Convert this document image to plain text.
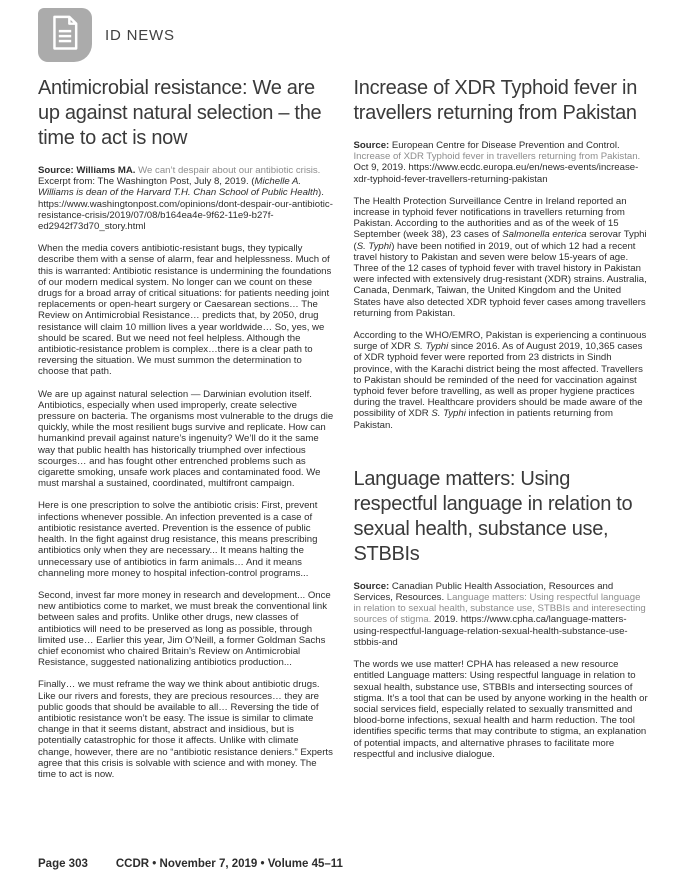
ID NEWS
Antimicrobial resistance: We are up against natural selection – the time to act is now

Source: Williams MA. We can’t despair about our antibiotic crisis. Excerpt from: The Washington Post, July 8, 2019. (Michelle A. Williams is dean of the Harvard T.H. Chan School of Public Health). https://www.washingtonpost.com/opinions/dont-despair-our-antibiotic-resistance-crisis/2019/07/08/b164ea4e-9f62-11e9-b27f-ed2942f73d70_story.html

When the media covers antibiotic-resistant bugs, they typically describe them with a sense of alarm, fear and helplessness. Much of this is warranted: Antibiotic resistance is undermining the foundations of our modern medical system. No longer can we count on these drugs for a broad array of critical situations: for patients needing joint replacements or open-heart surgery or Caesarean sections… The Review on Antimicrobial Resistance… predicts that, by 2050, drug resistance will claim 10 million lives a year worldwide… So, yes, we should be scared. But we need not feel helpless. Although the antibiotic-resistance problem is complex…there is a clear path to reversing the situation. We must summon the determination to choose that path.

We are up against natural selection — Darwinian evolution itself. Antibiotics, especially when used improperly, create selective pressure on bacteria. The organisms most vulnerable to the drugs die quickly, while the most resilient bugs survive and replicate. How can humankind prevail against nature’s ingenuity? We’ll do it the same way that public health has historically triumphed over infectious scourges… and has fought other entrenched problems such as cigarette smoking, unsafe work places and contaminated food. We must marshal a sustained, coordinated, multifront campaign.

Here is one prescription to solve the antibiotic crisis: First, prevent infections whenever possible. An infection prevented is a case of antibiotic resistance averted. Prevention is the essence of public health. In the fight against drug resistance, this means prescribing antibiotics only when they are necessary... It means halting the unnecessary use of antibiotics in farm animals… And it means channeling more money to hospital infection-control programs...

Second, invest far more money in research and development... Once new antibiotics come to market, we must break the conventional link between sales and profits. Unlike other drugs, new classes of antibiotics will need to be preserved as long as possible, through limited use… Earlier this year, Jim O’Neill, a former Goldman Sachs chief economist who chaired Britain’s Review on Antimicrobial Resistance, suggested nationalizing antibiotics production...

Finally… we must reframe the way we think about antibiotic drugs. Like our rivers and forests, they are precious resources… they are public goods that should be available to all… Reversing the tide of antibiotic resistance won’t be easy. The issue is similar to climate change in that it seems distant, abstract and insidious, but is potentially catastrophic for those it affects. Unlike with climate change, however, there are no “antibiotic resistance deniers.” Experts agree that this crisis is solvable with science and with money. The time to act is now.

Increase of XDR Typhoid fever in travellers returning from Pakistan

Source: European Centre for Disease Prevention and Control. Increase of XDR Typhoid fever in travellers returning from Pakistan. Oct 9, 2019. https://www.ecdc.europa.eu/en/news-events/increase-xdr-typhoid-fever-travellers-returning-pakistan

The Health Protection Surveillance Centre in Ireland reported an increase in typhoid fever notifications in travellers returning from Pakistan. According to the authorities and as of the week of 15 September (week 38), 23 cases of Salmonella enterica serovar Typhi (S. Typhi) have been notified in 2019, out of which 12 had a recent travel history to Pakistan and seven were below 15-years of age. Three of the 12 cases of typhoid fever with travel history in Pakistan were infected with extensively drug-resistant (XDR) strains. Australia, Canada, Denmark, Taiwan, the United Kingdom and the United States have also detected XDR typhoid fever cases among travellers returning from Pakistan.

According to the WHO/EMRO, Pakistan is experiencing a continuous surge of XDR S. Typhi since 2016. As of August 2019, 10,365 cases of XDR typhoid fever were reported from 23 districts in Sindh province, with the Karachi district being the most affected. Travellers to Pakistan should be reminded of the need for vaccination against typhoid fever before travelling, as well as proper hygiene practices during the travel. Healthcare providers should be made aware of the possibility of XDR S. Typhi infection in patients returning from Pakistan.

Language matters: Using respectful language in relation to sexual health, substance use, STBBIs

Source: Canadian Public Health Association, Resources and Services, Resources. Language matters: Using respectful language in relation to sexual health, substance use, STBBIs and interesecting sources of stigma. 2019. https://www.cpha.ca/language-matters-using-respectful-language-relation-sexual-health-substance-use-stbbis-and

The words we use matter! CPHA has released a new resource entitled Language matters: Using respectful language in relation to sexual health, substance use, STBBIs and intersecting sources of stigma. It’s a tool that can be used by anyone working in the health or social services field, especially related to sexually transmitted and blood-borne infections, sexual health and harm reduction. The tool identifies specific terms that may contribute to stigma, an explanation of potential impacts, and alternative phrases to facilitate more respectful and inclusive dialogue.

Page 303 CCDR • November 7, 2019 • Volume 45–11
